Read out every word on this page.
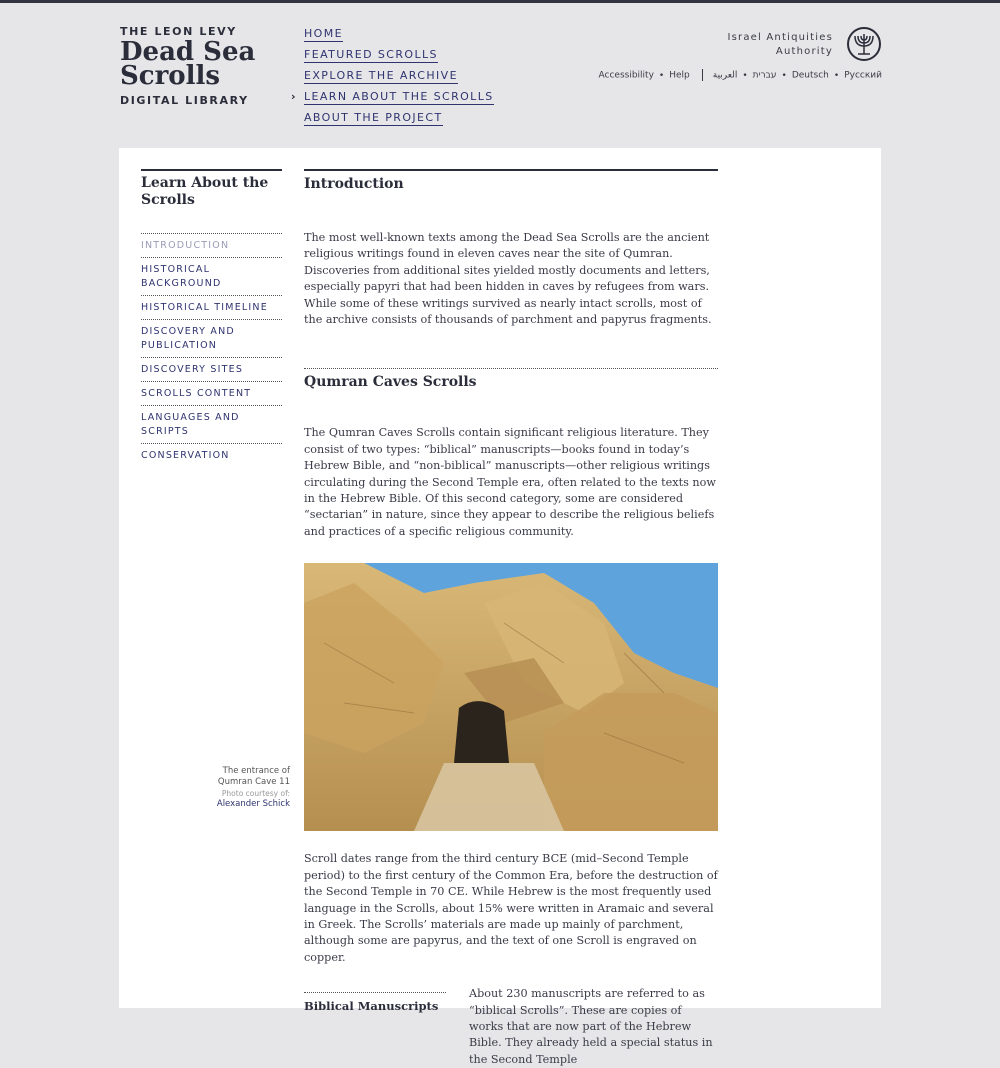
THE LEON LEVY
Dead Sea
Scrolls
DIGITAL LIBRARY
HOME
FEATURED SCROLLS
EXPLORE THE ARCHIVE
› LEARN ABOUT THE SCROLLS
ABOUT THE PROJECT
Israel Antiquities
Authority
Accessibility • Help	עברית•العربية	• Deutsch • Русский
Learn About the Scrolls
INTRODUCTION
HISTORICAL BACKGROUND
HISTORICAL TIMELINE
DISCOVERY AND PUBLICATION
DISCOVERY SITES
SCROLLS CONTENT
LANGUAGES AND SCRIPTS
CONSERVATION
The entrance of
Qumran Cave 11
Photo courtesy of:
Alexander Schick
Introduction

The most well-known texts among the Dead Sea Scrolls are the ancient religious writings found in eleven caves near the site of Qumran. Discoveries from additional sites yielded mostly documents and letters, especially papyri that had been hidden in caves by refugees from wars. While some of these writings survived as nearly intact scrolls, most of the archive consists of thousands of parchment and papyrus fragments.

Qumran Caves Scrolls

The Qumran Caves Scrolls contain significant religious literature. They consist of two types: “biblical” manuscripts—books found in today’s Hebrew Bible, and “non-biblical” manuscripts—other religious writings circulating during the Second Temple era, often related to the texts now in the Hebrew Bible. Of this second category, some are considered “sectarian” in nature, since they appear to describe the religious beliefs and practices of a specific religious community.

Scroll dates range from the third century BCE (mid–Second Temple period) to the first century of the Common Era, before the destruction of the Second Temple in 70 CE. While Hebrew is the most frequently used language in the Scrolls, about 15% were written in Aramaic and several in Greek. The Scrolls’ materials are made up mainly of parchment, although some are papyrus, and the text of one Scroll is engraved on copper.

Biblical Manuscripts

About 230 manuscripts are referred to as “biblical Scrolls”. These are copies of works that are now part of the Hebrew Bible. They already held a special status in the Second Temple
